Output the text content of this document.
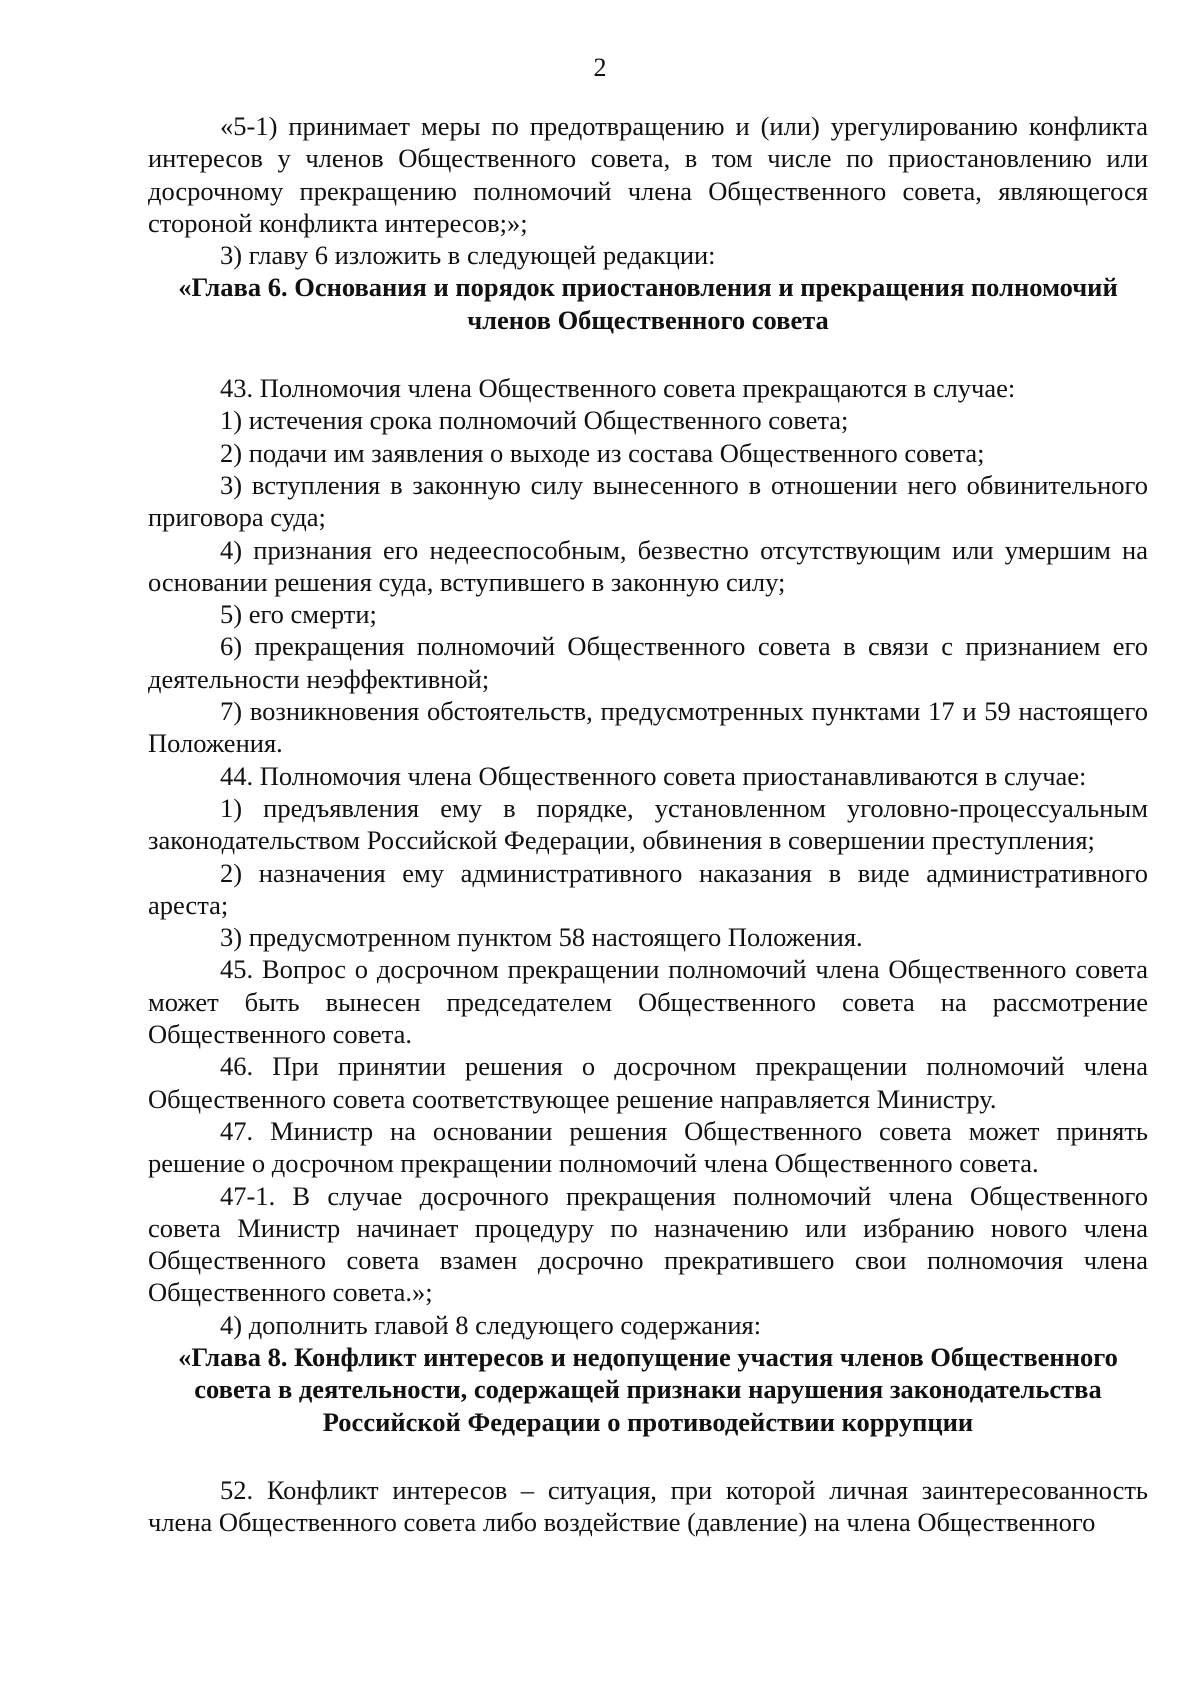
2

«5-1) принимает меры по предотвращению и (или) урегулированию конфликта интересов у членов Общественного совета, в том числе по приостановлению или досрочному прекращению полномочий члена Общественного совета, являющегося стороной конфликта интересов;»;

3) главу 6 изложить в следующей редакции:

«Глава 6. Основания и порядок приостановления и прекращения полномочий членов Общественного совета

43. Полномочия члена Общественного совета прекращаются в случае:

1) истечения срока полномочий Общественного совета;

2) подачи им заявления о выходе из состава Общественного совета;

3) вступления в законную силу вынесенного в отношении него обвинительного приговора суда;

4) признания его недееспособным, безвестно отсутствующим или умершим на основании решения суда, вступившего в законную силу;

5) его смерти;

6) прекращения полномочий Общественного совета в связи с признанием его деятельности неэффективной;

7) возникновения обстоятельств, предусмотренных пунктами 17 и 59 настоящего Положения.

44. Полномочия члена Общественного совета приостанавливаются в случае:

1) предъявления ему в порядке, установленном уголовно-процессуальным законодательством Российской Федерации, обвинения в совершении преступления;

2) назначения ему административного наказания в виде административного ареста;

3) предусмотренном пунктом 58 настоящего Положения.

45. Вопрос о досрочном прекращении полномочий члена Общественного совета может быть вынесен председателем Общественного совета на рассмотрение Общественного совета.

46. При принятии решения о досрочном прекращении полномочий члена Общественного совета соответствующее решение направляется Министру.

47. Министр на основании решения Общественного совета может принять решение о досрочном прекращении полномочий члена Общественного совета.

47-1. В случае досрочного прекращения полномочий члена Общественного совета Министр начинает процедуру по назначению или избранию нового члена Общественного совета взамен досрочно прекратившего свои полномочия члена Общественного совета.»;

4) дополнить главой 8 следующего содержания:

«Глава 8. Конфликт интересов и недопущение участия членов Общественного совета в деятельности, содержащей признаки нарушения законодательства Российской Федерации о противодействии коррупции

52. Конфликт интересов – ситуация, при которой личная заинтересованность члена Общественного совета либо воздействие (давление) на члена Общественного
